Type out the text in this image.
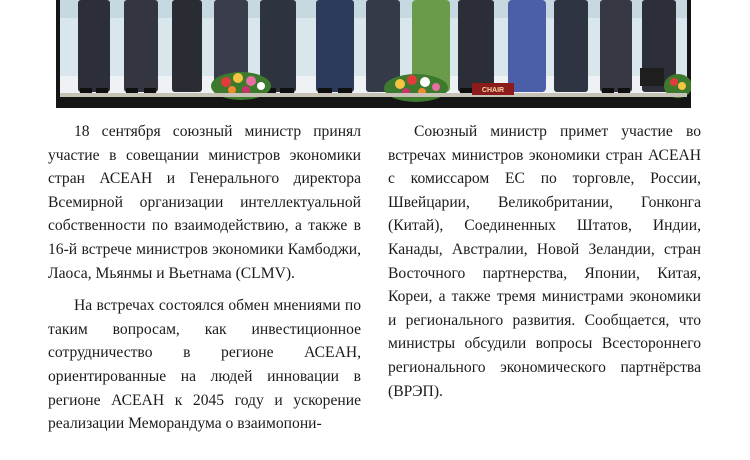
CHAIR

18 сентября союзный министр принял участие в совещании министров экономики стран АСЕАН и Генерального директора Всемирной организации интеллектуальной собственности по взаимодействию, а также в 16-й встрече министров экономики Камбоджи, Лаоса, Мьянмы и Вьетнама (CLMV).

На встречах состоялся обмен мнениями по таким вопросам, как инвестиционное сотрудничество в регионе АСЕАН, ориентированные на людей инновации в регионе АСЕАН к 2045 году и ускорение реализации Меморандума о взаимопони-

Союзный министр примет участие во встречах министров экономики стран АСЕАН с комиссаром ЕС по торговле, России, Швейцарии, Великобритании, Гонконга (Китай), Соединенных Штатов, Индии, Канады, Австралии, Новой Зеландии, стран Восточного партнерства, Японии, Китая, Кореи, а также тремя министрами экономики и регионального развития. Сообщается, что министры обсудили вопросы Всестороннего регионального экономического партнёрства (ВРЭП).
